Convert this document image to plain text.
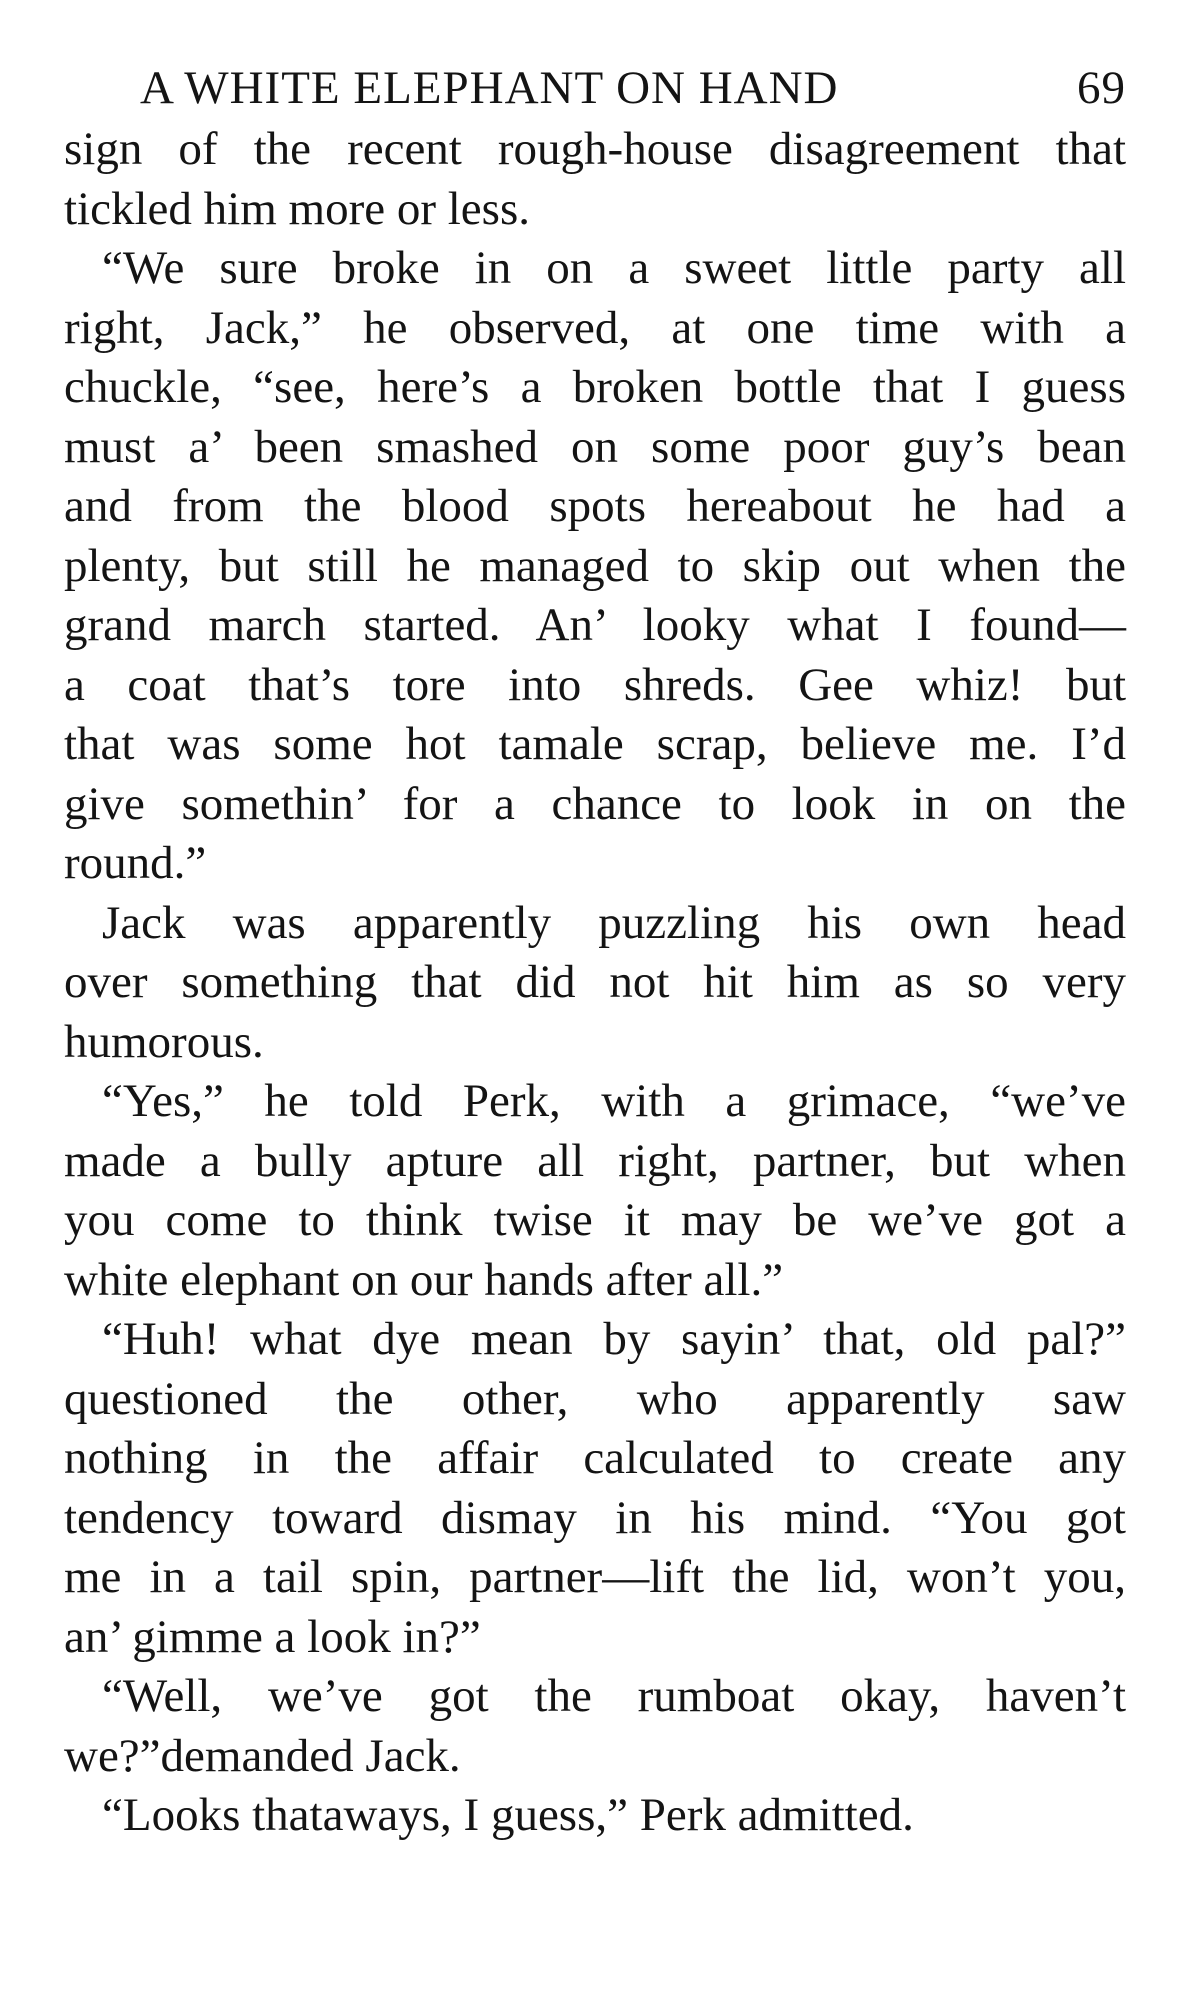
A WHITE ELEPHANT ON HAND	69
sign of the recent rough-house disagreement that
tickled him more or less.
“We sure broke in on a sweet little party all
right, Jack,” he observed, at one time with a
chuckle, “see, here’s a broken bottle that I guess
must a’ been smashed on some poor guy’s bean
and from the blood spots hereabout he had a
plenty, but still he managed to skip out when the
grand march started. An’ looky what I found—
a coat that’s tore into shreds. Gee whiz! but
that was some hot tamale scrap, believe me. I’d
give somethin’ for a chance to look in on the
round.”
Jack was apparently puzzling his own head
over something that did not hit him as so very
humorous.
“Yes,” he told Perk, with a grimace, “we’ve
made a bully apture all right, partner, but when
you come to think twise it may be we’ve got a
white elephant on our hands after all.”
“Huh! what dye mean by sayin’ that, old pal?”
questioned the other, who apparently saw
nothing in the affair calculated to create any
tendency toward dismay in his mind. “You got
me in a tail spin, partner—lift the lid, won’t you,
an’ gimme a look in?”
“Well, we’ve got the rumboat okay, haven’t
we?”demanded Jack.
“Looks thataways, I guess,” Perk admitted.
